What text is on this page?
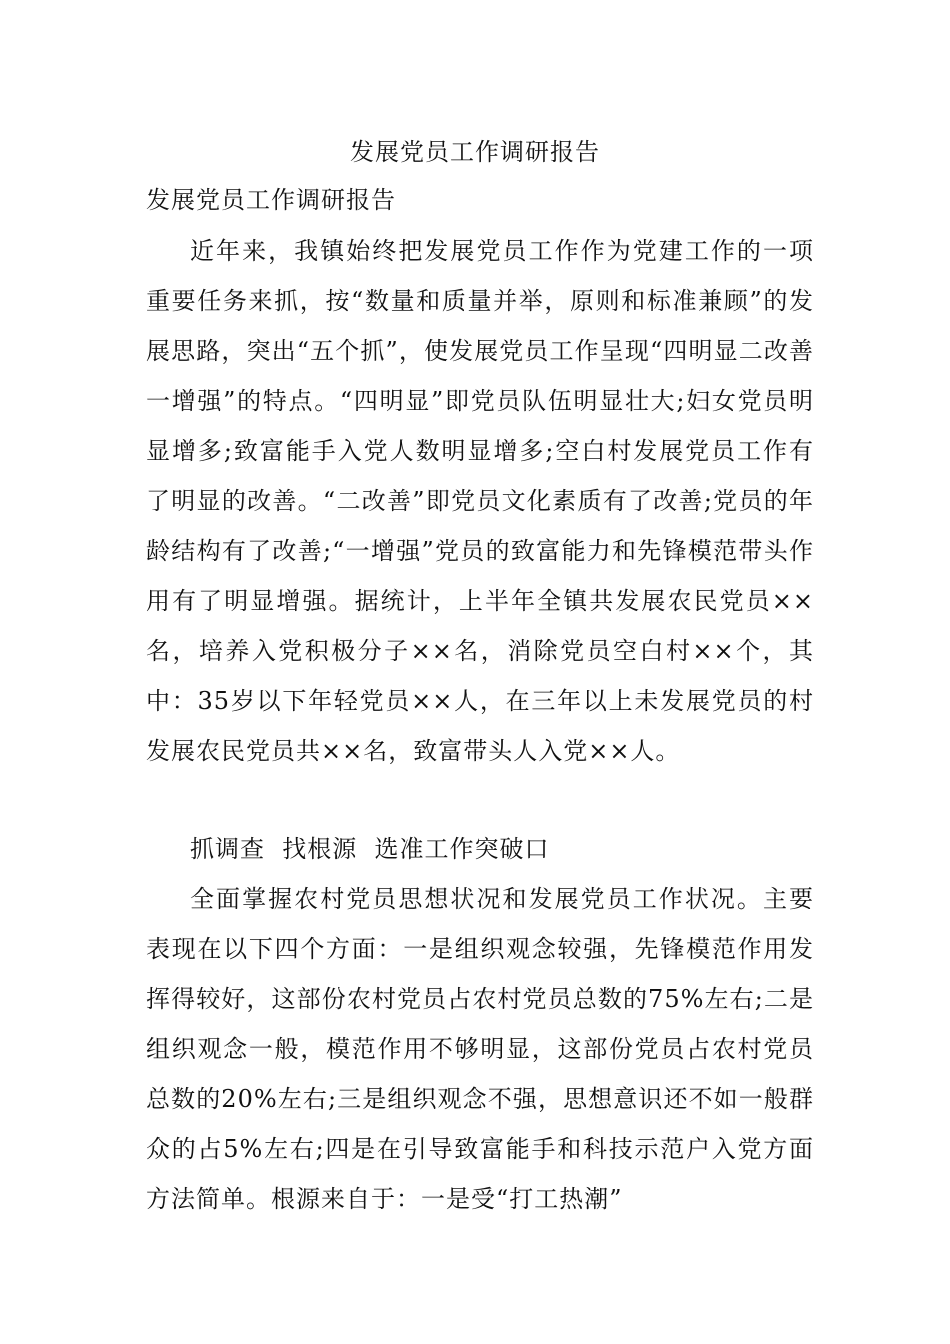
发展党员工作调研报告
发展党员工作调研报告

近年来，我镇始终把发展党员工作作为党建工作的一项重要任务来抓，按“数量和质量并举，原则和标准兼顾”的发展思路，突出“五个抓”，使发展党员工作呈现“四明显二改善一增强”的特点。“四明显”即党员队伍明显壮大;妇女党员明显增多;致富能手入党人数明显增多;空白村发展党员工作有了明显的改善。“二改善”即党员文化素质有了改善;党员的年龄结构有了改善;“一增强”党员的致富能力和先锋模范带头作用有了明显增强。据统计，上半年全镇共发展农民党员××名，培养入党积极分子××名，消除党员空白村××个，其中：35岁以下年轻党员××人，在三年以上未发展党员的村发展农民党员共××名，致富带头人入党××人。

抓调查  找根源  选准工作突破口

全面掌握农村党员思想状况和发展党员工作状况。主要表现在以下四个方面：一是组织观念较强，先锋模范作用发挥得较好，这部份农村党员占农村党员总数的75%左右;二是组织观念一般，模范作用不够明显，这部份党员占农村党员总数的20%左右;三是组织观念不强，思想意识还不如一般群众的占5%左右;四是在引导致富能手和科技示范户入党方面方法简单。根源来自于：一是受“打工热潮”
